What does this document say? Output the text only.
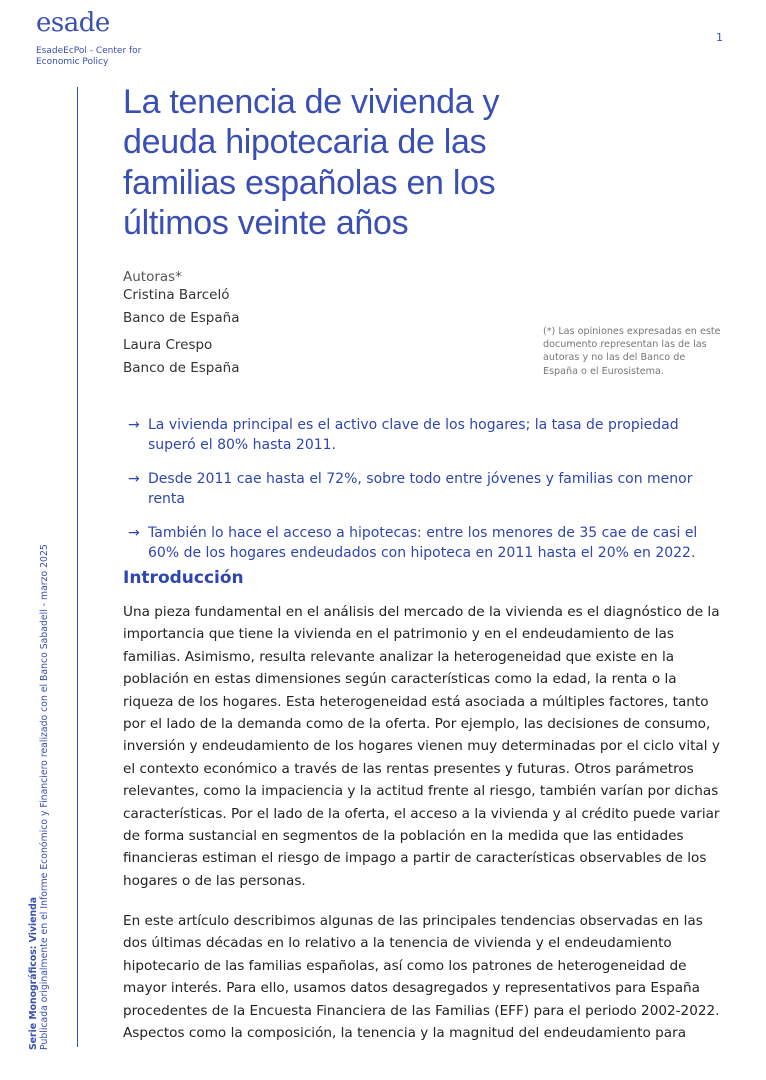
esade
EsadeEcPol - Center for Economic Policy
1
Serie Monográficos: Vivienda Publicada originalmente en el Informe Económico y Financiero realizado con el Banco Sabadell - marzo 2025
La tenencia de vivienda y deuda hipotecaria de las familias españolas en los últimos veinte años
Autoras*
Cristina Barceló
Banco de España
Laura Crespo
Banco de España
(*) Las opiniones expresadas en este documento representan las de las autoras y no las del Banco de España o el Eurosistema.
→ La vivienda principal es el activo clave de los hogares; la tasa de propiedad superó el 80% hasta 2011.
→ Desde 2011 cae hasta el 72%, sobre todo entre jóvenes y familias con menor renta
→ También lo hace el acceso a hipotecas: entre los menores de 35 cae de casi el 60% de los hogares endeudados con hipoteca en 2011 hasta el 20% en 2022.
Introducción

Una pieza fundamental en el análisis del mercado de la vivienda es el diagnóstico de la importancia que tiene la vivienda en el patrimonio y en el endeudamiento de las familias. Asimismo, resulta relevante analizar la heterogeneidad que existe en la población en estas dimensiones según características como la edad, la renta o la riqueza de los hogares. Esta heterogeneidad está asociada a múltiples factores, tanto por el lado de la demanda como de la oferta. Por ejemplo, las decisiones de consumo, inversión y endeudamiento de los hogares vienen muy determinadas por el ciclo vital y el contexto económico a través de las rentas presentes y futuras. Otros parámetros relevantes, como la impaciencia y la actitud frente al riesgo, también varían por dichas características. Por el lado de la oferta, el acceso a la vivienda y al crédito puede variar de forma sustancial en segmentos de la población en la medida que las entidades financieras estiman el riesgo de impago a partir de características observables de los hogares o de las personas.

En este artículo describimos algunas de las principales tendencias observadas en las dos últimas décadas en lo relativo a la tenencia de vivienda y el endeudamiento hipotecario de las familias españolas, así como los patrones de heterogeneidad de mayor interés. Para ello, usamos datos desagregados y representativos para España procedentes de la Encuesta Financiera de las Familias (EFF) para el periodo 2002-2022. Aspectos como la composición, la tenencia y la magnitud del endeudamiento para
